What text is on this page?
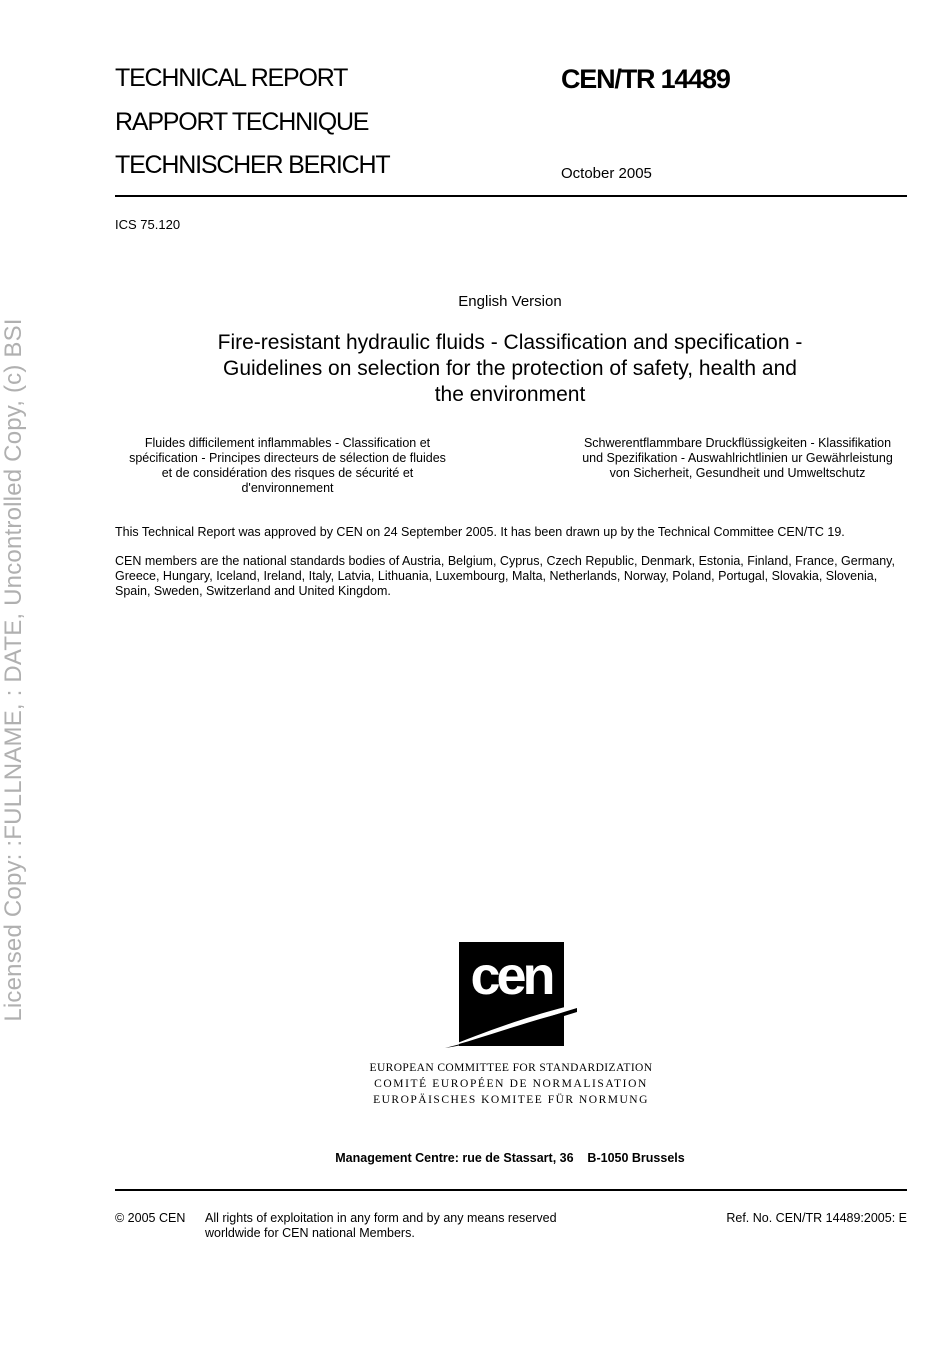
TECHNICAL REPORT
RAPPORT TECHNIQUE
TECHNISCHER BERICHT
CEN/TR 14489
October 2005
ICS 75.120
English Version
Fire-resistant hydraulic fluids - Classification and specification -
Guidelines on selection for the protection of safety, health and
the environment
Fluides difficilement inflammables - Classification et
spécification - Principes directeurs de sélection de fluides
et de considération des risques de sécurité et
d'environnement
Schwerentflammbare Druckflüssigkeiten - Klassifikation
und Spezifikation - Auswahlrichtlinien ur Gewährleistung
von Sicherheit, Gesundheit und Umweltschutz
This Technical Report was approved by CEN on 24 September 2005. It has been drawn up by the Technical Committee CEN/TC 19.
CEN members are the national standards bodies of Austria, Belgium, Cyprus, Czech Republic, Denmark, Estonia, Finland, France, Germany, Greece, Hungary, Iceland, Ireland, Italy, Latvia, Lithuania, Luxembourg, Malta, Netherlands, Norway, Poland, Portugal, Slovakia, Slovenia, Spain, Sweden, Switzerland and United Kingdom.
cen
EUROPEAN COMMITTEE FOR STANDARDIZATION
COMITÉ EUROPÉEN DE NORMALISATION
EUROPÄISCHES KOMITEE FÜR NORMUNG
Management Centre: rue de Stassart, 36    B-1050 Brussels
© 2005 CEN All rights of exploitation in any form and by any means reserved
worldwide for CEN national Members.
Ref. No. CEN/TR 14489:2005: E
Licensed Copy: :FULLNAME, : DATE, Uncontrolled Copy, (c) BSI
